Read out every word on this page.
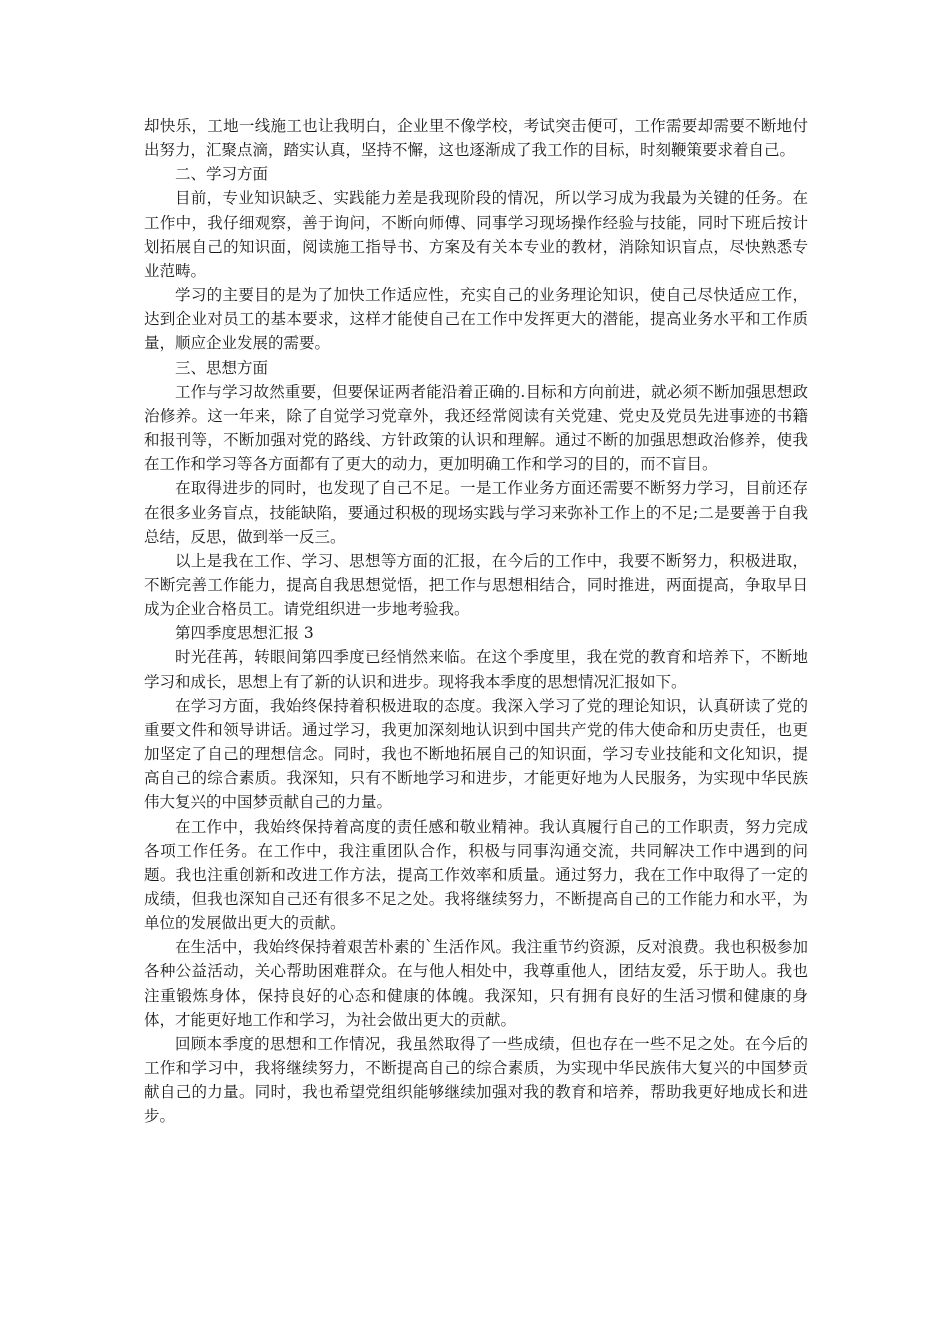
却快乐，工地一线施工也让我明白，企业里不像学校，考试突击便可，工作需要却需要不断地付出努力，汇聚点滴，踏实认真，坚持不懈，这也逐渐成了我工作的目标，时刻鞭策要求着自己。

二、学习方面

目前，专业知识缺乏、实践能力差是我现阶段的情况，所以学习成为我最为关键的任务。在工作中，我仔细观察，善于询问，不断向师傅、同事学习现场操作经验与技能，同时下班后按计划拓展自己的知识面，阅读施工指导书、方案及有关本专业的教材，消除知识盲点，尽快熟悉专业范畴。

学习的主要目的是为了加快工作适应性，充实自己的业务理论知识，使自己尽快适应工作，达到企业对员工的基本要求，这样才能使自己在工作中发挥更大的潜能，提高业务水平和工作质量，顺应企业发展的需要。

三、思想方面

工作与学习故然重要，但要保证两者能沿着正确的.目标和方向前进，就必须不断加强思想政治修养。这一年来，除了自觉学习党章外，我还经常阅读有关党建、党史及党员先进事迹的书籍和报刊等，不断加强对党的路线、方针政策的认识和理解。通过不断的加强思想政治修养，使我在工作和学习等各方面都有了更大的动力，更加明确工作和学习的目的，而不盲目。

在取得进步的同时，也发现了自己不足。一是工作业务方面还需要不断努力学习，目前还存在很多业务盲点，技能缺陷，要通过积极的现场实践与学习来弥补工作上的不足;二是要善于自我总结，反思，做到举一反三。

以上是我在工作、学习、思想等方面的汇报，在今后的工作中，我要不断努力，积极进取，不断完善工作能力，提高自我思想觉悟，把工作与思想相结合，同时推进，两面提高，争取早日成为企业合格员工。请党组织进一步地考验我。

第四季度思想汇报 3

时光荏苒，转眼间第四季度已经悄然来临。在这个季度里，我在党的教育和培养下，不断地学习和成长，思想上有了新的认识和进步。现将我本季度的思想情况汇报如下。

在学习方面，我始终保持着积极进取的态度。我深入学习了党的理论知识，认真研读了党的重要文件和领导讲话。通过学习，我更加深刻地认识到中国共产党的伟大使命和历史责任，也更加坚定了自己的理想信念。同时，我也不断地拓展自己的知识面，学习专业技能和文化知识，提高自己的综合素质。我深知，只有不断地学习和进步，才能更好地为人民服务，为实现中华民族伟大复兴的中国梦贡献自己的力量。

在工作中，我始终保持着高度的责任感和敬业精神。我认真履行自己的工作职责，努力完成各项工作任务。在工作中，我注重团队合作，积极与同事沟通交流，共同解决工作中遇到的问题。我也注重创新和改进工作方法，提高工作效率和质量。通过努力，我在工作中取得了一定的成绩，但我也深知自己还有很多不足之处。我将继续努力，不断提高自己的工作能力和水平，为单位的发展做出更大的贡献。

在生活中，我始终保持着艰苦朴素的`生活作风。我注重节约资源，反对浪费。我也积极参加各种公益活动，关心帮助困难群众。在与他人相处中，我尊重他人，团结友爱，乐于助人。我也注重锻炼身体，保持良好的心态和健康的体魄。我深知，只有拥有良好的生活习惯和健康的身体，才能更好地工作和学习，为社会做出更大的贡献。

回顾本季度的思想和工作情况，我虽然取得了一些成绩，但也存在一些不足之处。在今后的工作和学习中，我将继续努力，不断提高自己的综合素质，为实现中华民族伟大复兴的中国梦贡献自己的力量。同时，我也希望党组织能够继续加强对我的教育和培养，帮助我更好地成长和进步。
